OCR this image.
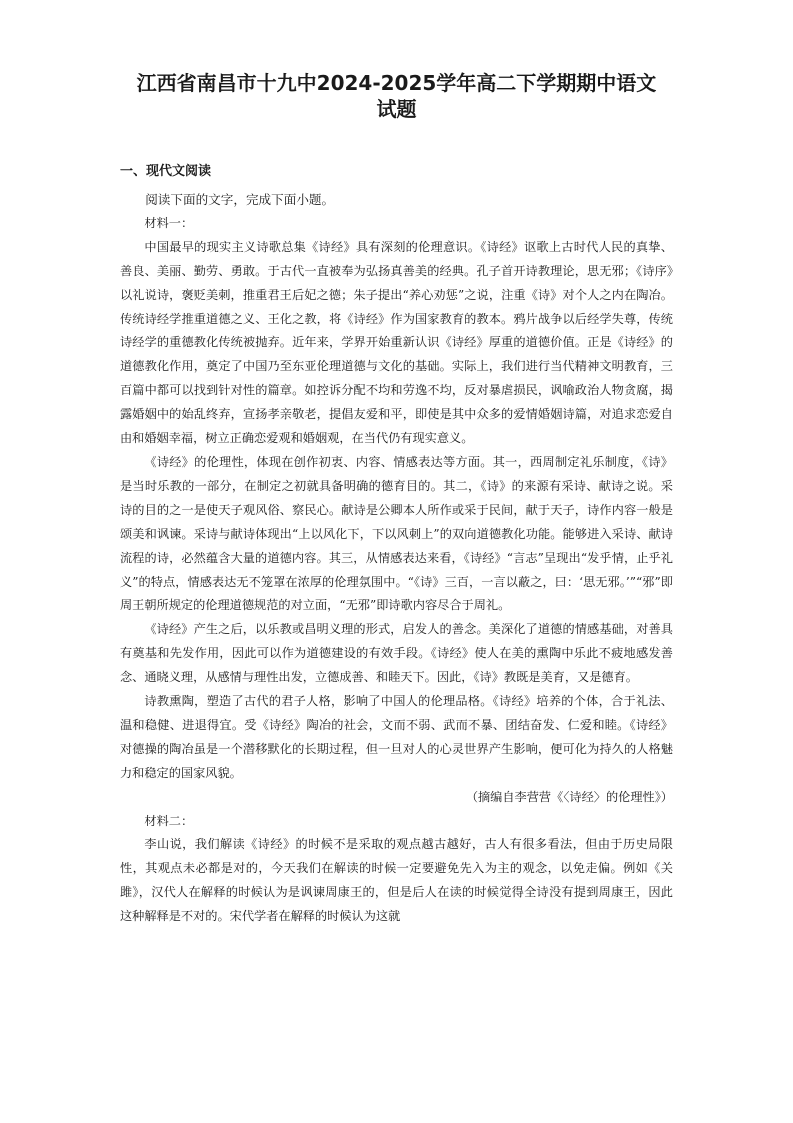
江西省南昌市十九中2024-2025学年高二下学期期中语文
试题
一、现代文阅读

阅读下面的文字，完成下面小题。

材料一：

中国最早的现实主义诗歌总集《诗经》具有深刻的伦理意识。《诗经》讴歌上古时代人民的真挚、善良、美丽、勤劳、勇敢。于古代一直被奉为弘扬真善美的经典。孔子首开诗教理论，思无邪；《诗序》以礼说诗，褒贬美刺，推重君王后妃之德；朱子提出“养心劝惩”之说，注重《诗》对个人之内在陶冶。传统诗经学推重道德之义、王化之教，将《诗经》作为国家教育的教本。鸦片战争以后经学失尊，传统诗经学的重德教化传统被抛弃。近年来，学界开始重新认识《诗经》厚重的道德价值。正是《诗经》的道德教化作用，奠定了中国乃至东亚伦理道德与文化的基础。实际上，我们进行当代精神文明教育，三百篇中都可以找到针对性的篇章。如控诉分配不均和劳逸不均，反对暴虐损民，讽喻政治人物贪腐，揭露婚姻中的始乱终弃，宣扬孝亲敬老，提倡友爱和平，即使是其中众多的爱情婚姻诗篇，对追求恋爱自由和婚姻幸福，树立正确恋爱观和婚姻观，在当代仍有现实意义。

《诗经》的伦理性，体现在创作初衷、内容、情感表达等方面。其一，西周制定礼乐制度，《诗》是当时乐教的一部分，在制定之初就具备明确的德育目的。其二，《诗》的来源有采诗、献诗之说。采诗的目的之一是使天子观风俗、察民心。献诗是公卿本人所作或采于民间，献于天子，诗作内容一般是颂美和讽谏。采诗与献诗体现出“上以风化下，下以风刺上”的双向道德教化功能。能够进入采诗、献诗流程的诗，必然蕴含大量的道德内容。其三，从情感表达来看，《诗经》“言志”呈现出“发乎情，止乎礼义”的特点，情感表达无不笼罩在浓厚的伦理氛围中。“《诗》三百，一言以蔽之，曰：‘思无邪。’”“邪”即周王朝所规定的伦理道德规范的对立面，“无邪”即诗歌内容尽合于周礼。

《诗经》产生之后，以乐教或昌明义理的形式，启发人的善念。美深化了道德的情感基础，对善具有奠基和先发作用，因此可以作为道德建设的有效手段。《诗经》使人在美的熏陶中乐此不疲地感发善念、通晓义理，从感情与理性出发，立德成善、和睦天下。因此，《诗》教既是美育，又是德育。

诗教熏陶，塑造了古代的君子人格，影响了中国人的伦理品格。《诗经》培养的个体，合于礼法、温和稳健、进退得宜。受《诗经》陶冶的社会，文而不弱、武而不暴、团结奋发、仁爱和睦。《诗经》对德操的陶冶虽是一个潜移默化的长期过程，但一旦对人的心灵世界产生影响，便可化为持久的人格魅力和稳定的国家风貌。

（摘编自李营营《〈诗经〉的伦理性》）

材料二：

李山说，我们解读《诗经》的时候不是采取的观点越古越好，古人有很多看法，但由于历史局限性，其观点未必都是对的，今天我们在解读的时候一定要避免先入为主的观念，以免走偏。例如《关雎》，汉代人在解释的时候认为是讽谏周康王的，但是后人在读的时候觉得全诗没有提到周康王，因此这种解释是不对的。宋代学者在解释的时候认为这就
